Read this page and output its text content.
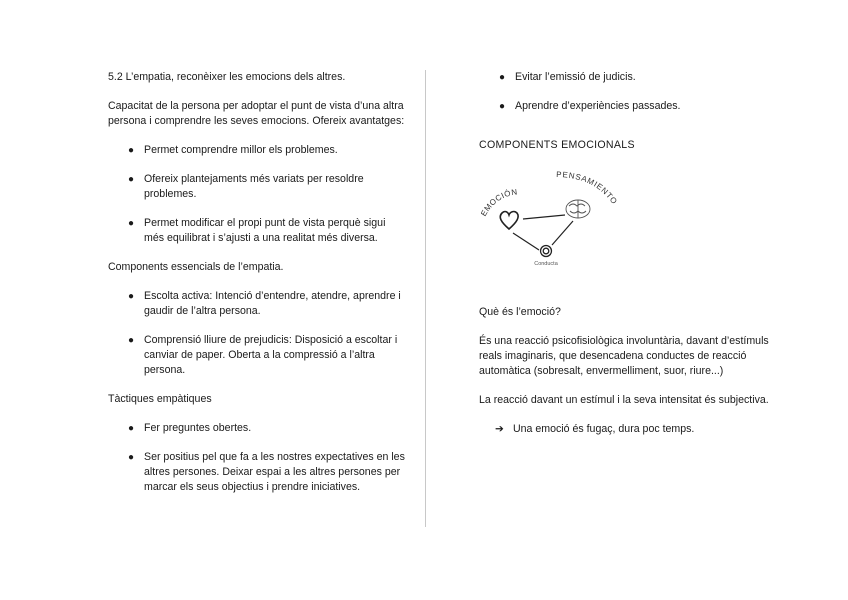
5.2 L’empatia, reconèixer les emocions dels altres.

Capacitat de la persona per adoptar el punt de vista d’una altra persona i comprendre les seves emocions. Ofereix avantatges:

● Permet comprendre millor els problemes.
● Ofereix plantejaments més variats per resoldre problemes.
● Permet modificar el propi punt de vista perquè sigui més equilibrat i s’ajusti a una realitat més diversa.

Components essencials de l’empatia.

● Escolta activa: Intenció d’entendre, atendre, aprendre i gaudir de l’altra persona.
● Comprensió lliure de prejudicis: Disposició a escoltar i canviar de paper. Oberta a la compressió a l’altra persona.

Tàctiques empàtiques

● Fer preguntes obertes.
● Ser positius pel que fa a les nostres expectatives en les altres persones. Deixar espai a les altres persones per marcar els seus objectius i prendre iniciatives.
● Evitar l’emissió de judicis.
● Aprendre d’experiències passades.

COMPONENTS EMOCIONALS

MOCIÓN
PENSAMIENTO
Conducta

Què és l’emoció?

És una reacció psicofisiològica involuntària, davant d’estímuls reals imaginaris, que desencadena conductes de reacció automàtica (sobresalt, envermelliment, suor, riure...)

La reacció davant un estímul i la seva intensitat és subjectiva.

➔ Una emoció és fugaç, dura poc temps.
